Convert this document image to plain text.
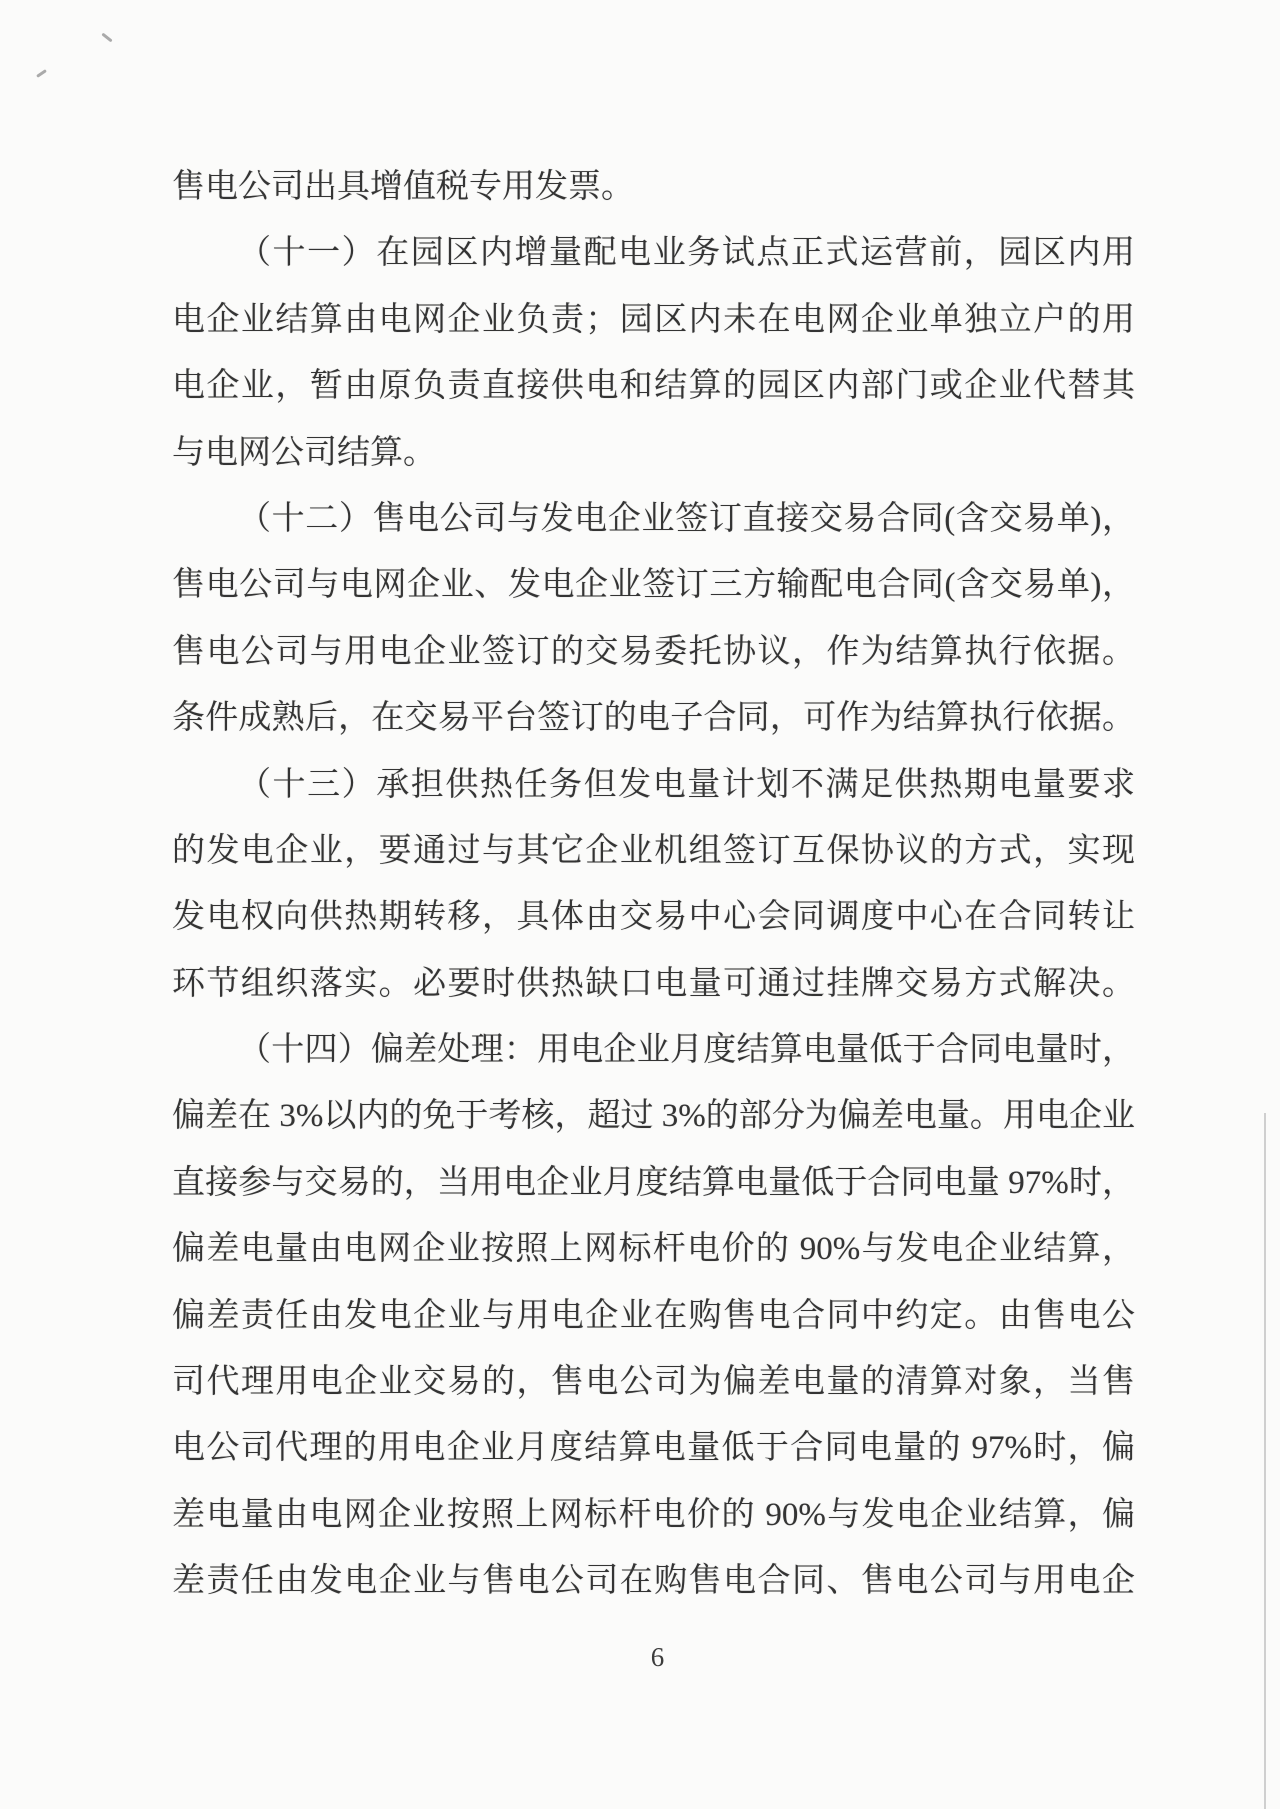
售电公司出具增值税专用发票。
（十一）在园区内增量配电业务试点正式运营前，园区内用
电企业结算由电网企业负责；园区内未在电网企业单独立户的用
电企业，暂由原负责直接供电和结算的园区内部门或企业代替其
与电网公司结算。
（十二）售电公司与发电企业签订直接交易合同(含交易单)，
售电公司与电网企业、发电企业签订三方输配电合同(含交易单)，
售电公司与用电企业签订的交易委托协议，作为结算执行依据。
条件成熟后，在交易平台签订的电子合同，可作为结算执行依据。
（十三）承担供热任务但发电量计划不满足供热期电量要求
的发电企业，要通过与其它企业机组签订互保协议的方式，实现
发电权向供热期转移，具体由交易中心会同调度中心在合同转让
环节组织落实。必要时供热缺口电量可通过挂牌交易方式解决。
（十四）偏差处理：用电企业月度结算电量低于合同电量时，
偏差在 3%以内的免于考核，超过 3%的部分为偏差电量。用电企业
直接参与交易的，当用电企业月度结算电量低于合同电量 97%时，
偏差电量由电网企业按照上网标杆电价的 90%与发电企业结算，
偏差责任由发电企业与用电企业在购售电合同中约定。由售电公
司代理用电企业交易的，售电公司为偏差电量的清算对象，当售
电公司代理的用电企业月度结算电量低于合同电量的 97%时，偏
差电量由电网企业按照上网标杆电价的 90%与发电企业结算，偏
差责任由发电企业与售电公司在购售电合同、售电公司与用电企
6
